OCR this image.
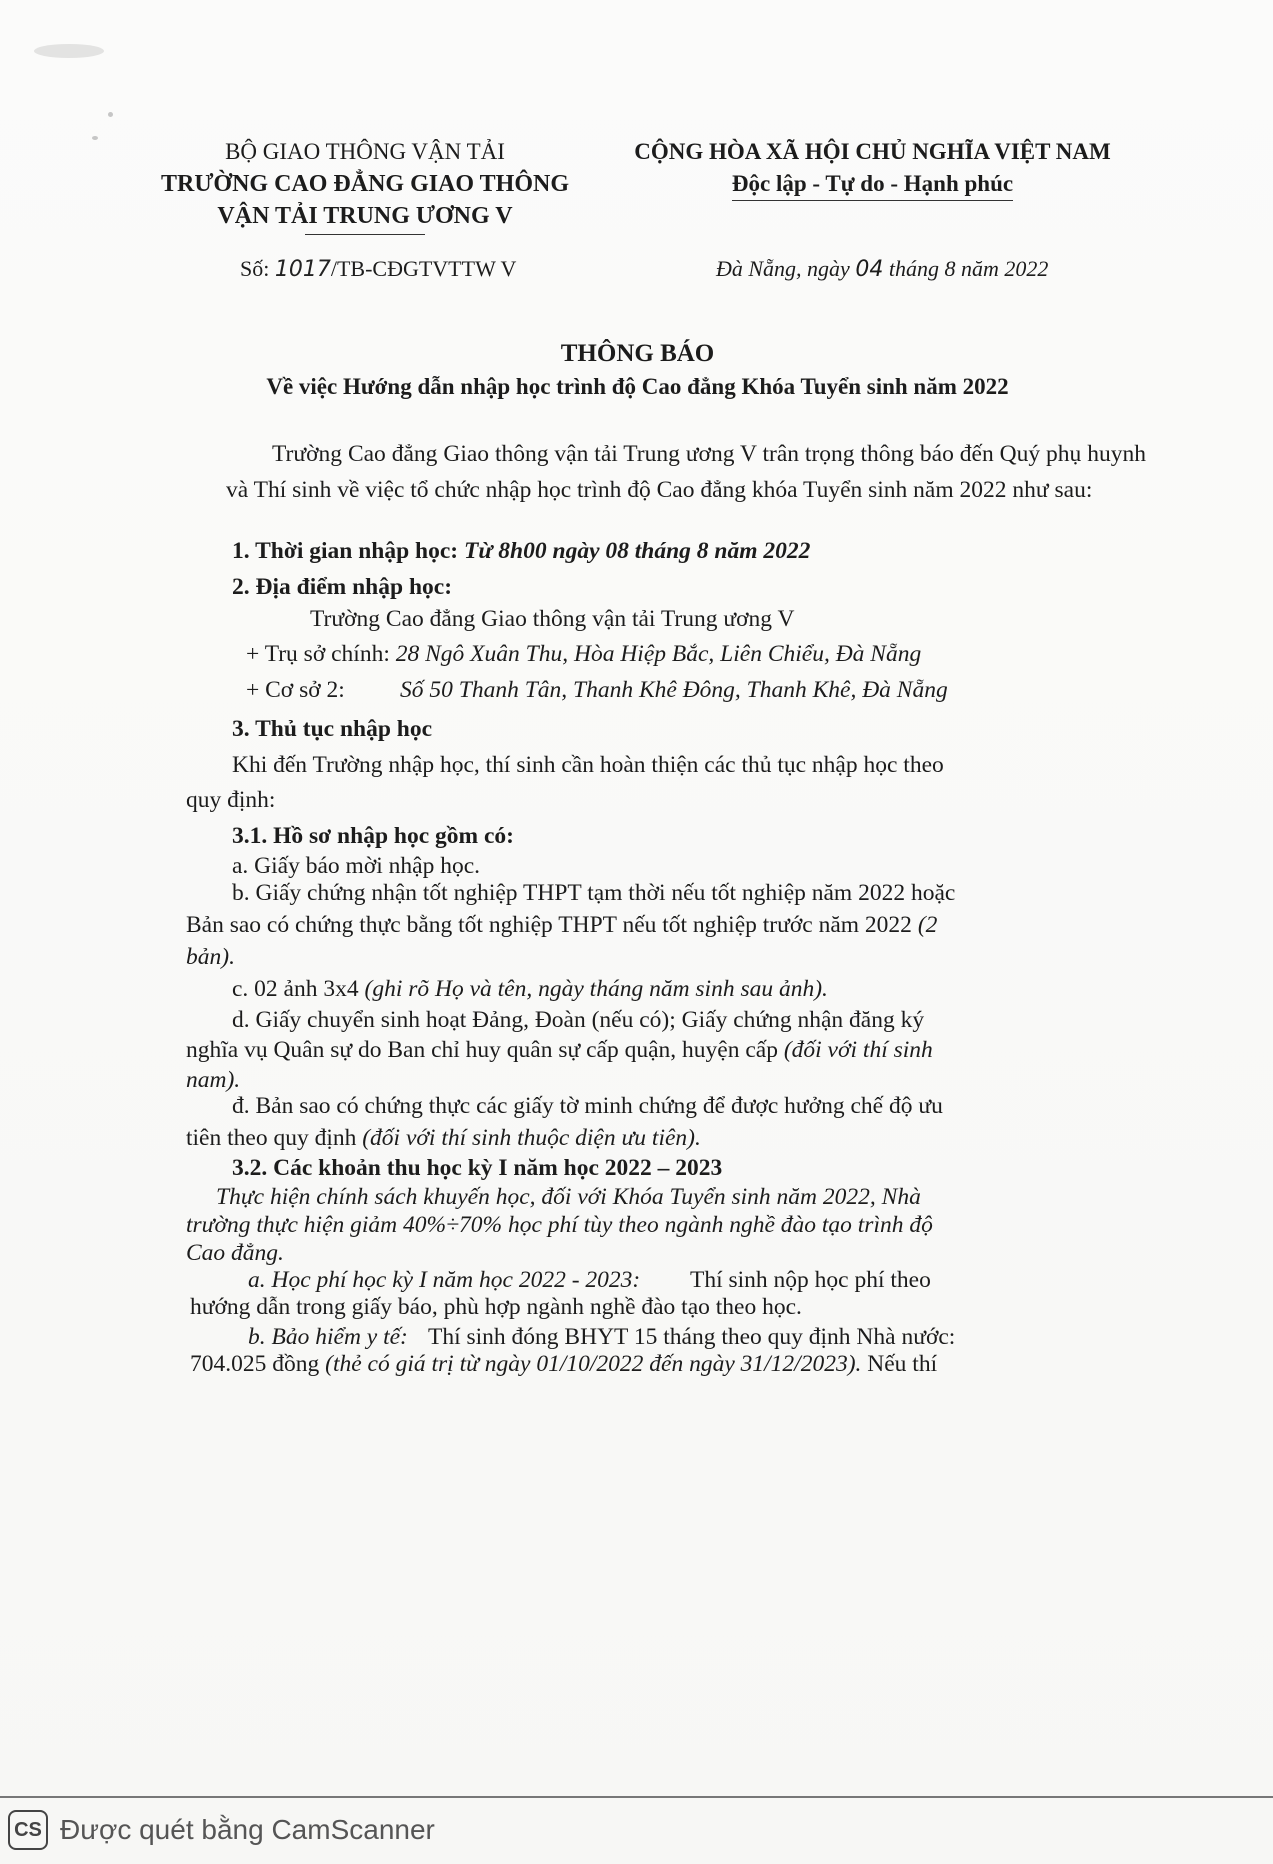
BỘ GIAO THÔNG VẬN TẢI
TRƯỜNG CAO ĐẲNG GIAO THÔNG
VẬN TẢI TRUNG ƯƠNG V
CỘNG HÒA XÃ HỘI CHỦ NGHĨA VIỆT NAM
Độc lập - Tự do - Hạnh phúc
Số: 1017/TB-CĐGTVTTW V	Đà Nẵng, ngày 04 tháng 8 năm 2022
THÔNG BÁO
Về việc Hướng dẫn nhập học trình độ Cao đẳng Khóa Tuyển sinh năm 2022
Trường Cao đẳng Giao thông vận tải Trung ương V trân trọng thông báo đến Quý phụ huynh và Thí sinh về việc tổ chức nhập học trình độ Cao đẳng khóa Tuyển sinh năm 2022 như sau:
1. Thời gian nhập học: Từ 8h00 ngày 08 tháng 8 năm 2022
2. Địa điểm nhập học:
Trường Cao đẳng Giao thông vận tải Trung ương V
+ Trụ sở chính: 28 Ngô Xuân Thu, Hòa Hiệp Bắc, Liên Chiểu, Đà Nẵng
+ Cơ sở 2: Số 50 Thanh Tân, Thanh Khê Đông, Thanh Khê, Đà Nẵng
3. Thủ tục nhập học
Khi đến Trường nhập học, thí sinh cần hoàn thiện các thủ tục nhập học theo
quy định:
3.1. Hồ sơ nhập học gồm có:
a. Giấy báo mời nhập học.
b. Giấy chứng nhận tốt nghiệp THPT tạm thời nếu tốt nghiệp năm 2022 hoặc
Bản sao có chứng thực bằng tốt nghiệp THPT nếu tốt nghiệp trước năm 2022 (2
bản).
c. 02 ảnh 3x4 (ghi rõ Họ và tên, ngày tháng năm sinh sau ảnh).
d. Giấy chuyển sinh hoạt Đảng, Đoàn (nếu có); Giấy chứng nhận đăng ký
nghĩa vụ Quân sự do Ban chỉ huy quân sự cấp quận, huyện cấp (đối với thí sinh
nam).
đ. Bản sao có chứng thực các giấy tờ minh chứng để được hưởng chế độ ưu
tiên theo quy định (đối với thí sinh thuộc diện ưu tiên).
3.2. Các khoản thu học kỳ I năm học 2022 – 2023
Thực hiện chính sách khuyến học, đối với Khóa Tuyển sinh năm 2022, Nhà
trường thực hiện giảm 40%÷70% học phí tùy theo ngành nghề đào tạo trình độ
Cao đẳng.
a. Học phí học kỳ I năm học 2022 - 2023: Thí sinh nộp học phí theo
hướng dẫn trong giấy báo, phù hợp ngành nghề đào tạo theo học.
b. Bảo hiểm y tế: Thí sinh đóng BHYT 15 tháng theo quy định Nhà nước:
704.025 đồng (thẻ có giá trị từ ngày 01/10/2022 đến ngày 31/12/2023). Nếu thí
CS Được quét bằng CamScanner
